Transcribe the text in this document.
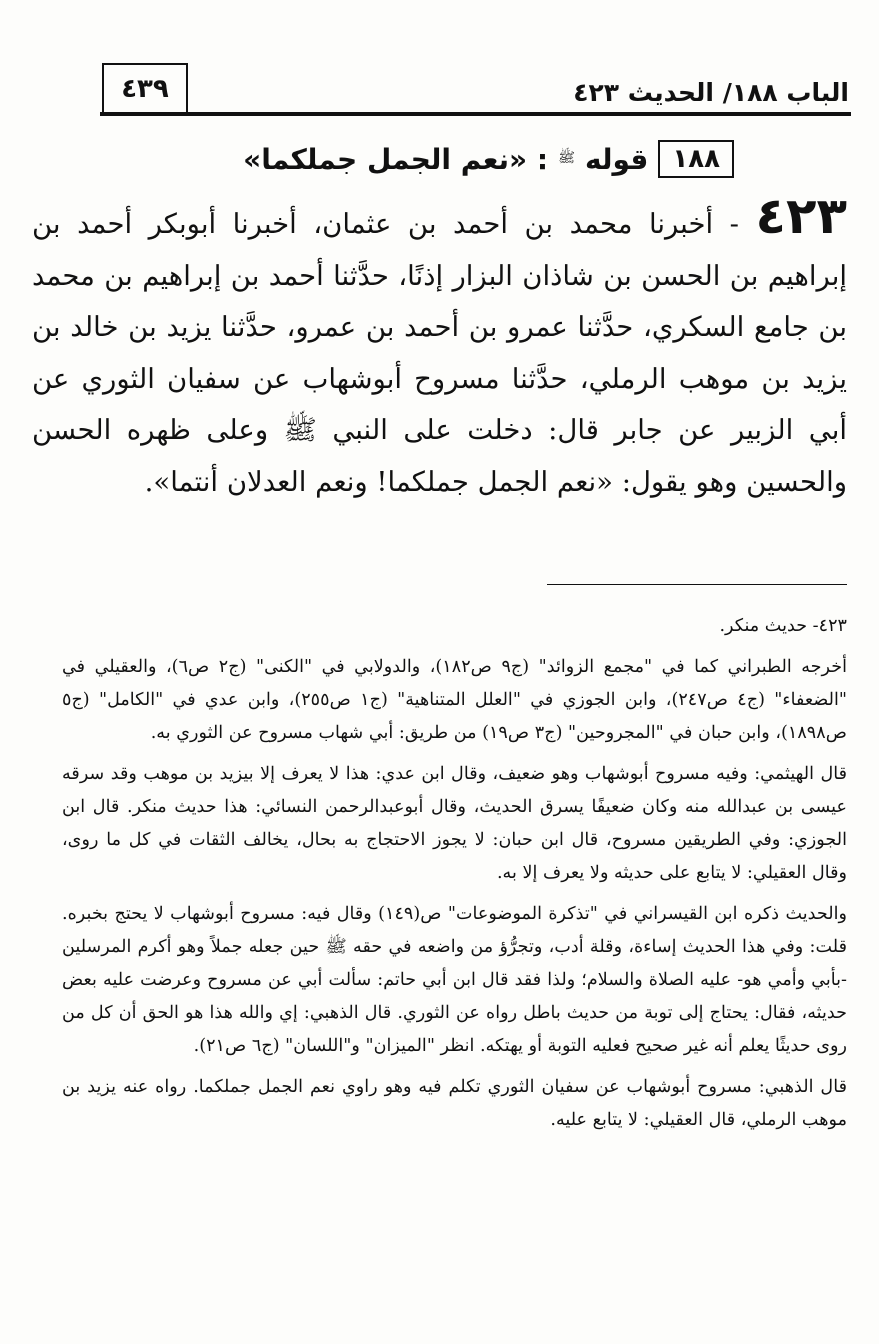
الباب ١٨٨/ الحديث ٤٢٣
٤٣٩
١٨٨
قوله
ﷺ
: «نعم الجمل جملكما»
٤٢٣ - أخبرنا محمد بن أحمد بن عثمان، أخبرنا أبوبكر أحمد بن إبراهيم بن الحسن بن شاذان البزار إذنًا، حدَّثنا أحمد بن إبراهيم بن محمد بن جامع السكري، حدَّثنا عمرو بن أحمد بن عمرو، حدَّثنا يزيد بن خالد بن يزيد بن موهب الرملي، حدَّثنا مسروح أبوشهاب عن سفيان الثوري عن أبي الزبير عن جابر قال: دخلت على النبي ﷺ وعلى ظهره الحسن والحسين وهو يقول: «نعم الجمل جملكما! ونعم العدلان أنتما».

٤٢٣- حديث منكر.

أخرجه الطبراني كما في "مجمع الزوائد" (ج٩ ص١٨٢)، والدولابي في "الكنى" (ج٢ ص٦)، والعقيلي في "الضعفاء" (ج٤ ص٢٤٧)، وابن الجوزي في "العلل المتناهية" (ج١ ص٢٥٥)، وابن عدي في "الكامل" (ج٥ ص١٨٩٨)، وابن حبان في "المجروحين" (ج٣ ص١٩) من طريق: أبي شهاب مسروح عن الثوري به.

قال الهيثمي: وفيه مسروح أبوشهاب وهو ضعيف، وقال ابن عدي: هذا لا يعرف إلا بيزيد بن موهب وقد سرقه عيسى بن عبدالله منه وكان ضعيفًا يسرق الحديث، وقال أبوعبدالرحمن النسائي: هذا حديث منكر. قال ابن الجوزي: وفي الطريقين مسروح، قال ابن حبان: لا يجوز الاحتجاج به بحال، يخالف الثقات في كل ما روى، وقال العقيلي: لا يتابع على حديثه ولا يعرف إلا به.

والحديث ذكره ابن القيسراني في "تذكرة الموضوعات" ص(١٤٩) وقال فيه: مسروح أبوشهاب لا يحتج بخبره. قلت: وفي هذا الحديث إساءة، وقلة أدب، وتجرُّؤ من واضعه في حقه ﷺ حين جعله جملاً وهو أكرم المرسلين -بأبي وأمي هو- عليه الصلاة والسلام؛ ولذا فقد قال ابن أبي حاتم: سألت أبي عن مسروح وعرضت عليه بعض حديثه، فقال: يحتاج إلى توبة من حديث باطل رواه عن الثوري. قال الذهبي: إي والله هذا هو الحق أن كل من روى حديثًا يعلم أنه غير صحيح فعليه التوبة أو يهتكه. انظر "الميزان" و"اللسان" (ج٦ ص٢١).

قال الذهبي: مسروح أبوشهاب عن سفيان الثوري تكلم فيه وهو راوي نعم الجمل جملكما. رواه عنه يزيد بن موهب الرملي، قال العقيلي: لا يتابع عليه.
